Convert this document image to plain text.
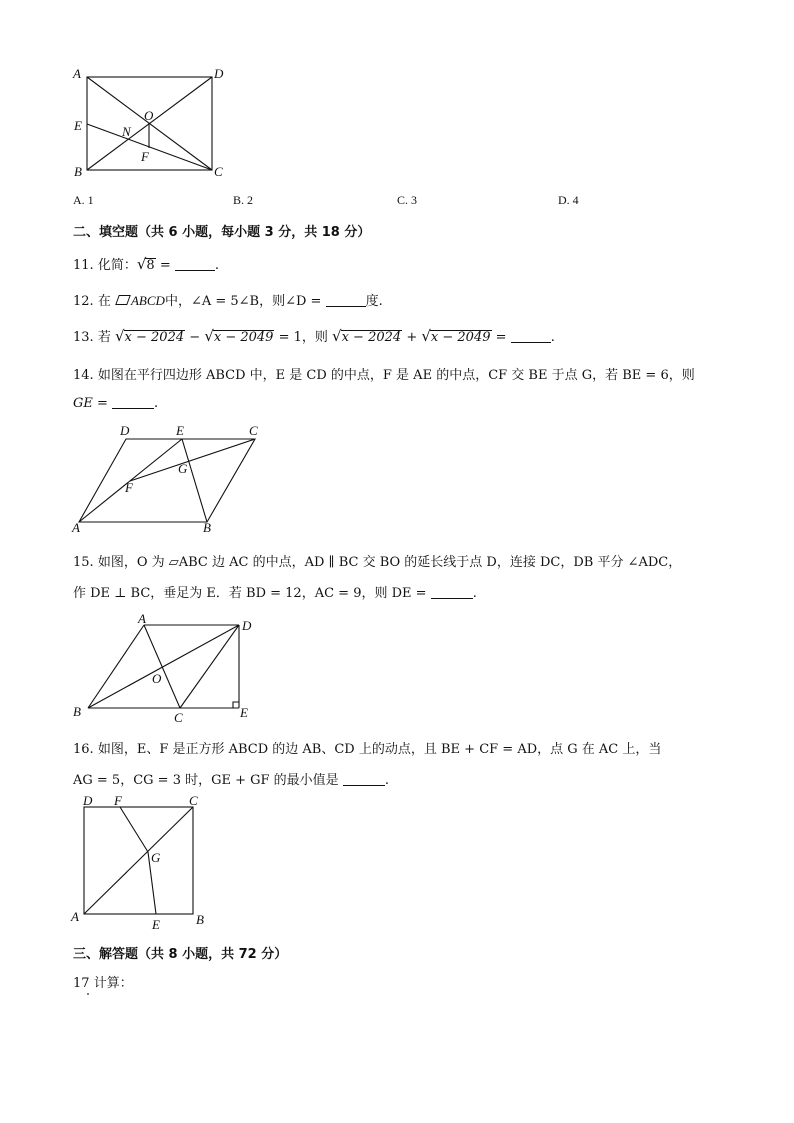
A	D
E
O
N
F
B	C
A. 1	B. 2	C. 3	D. 4
二、填空题（共 6 小题，每小题 3 分，共 18 分）
11. 化简：√8 =	.
12. 在 ABCD中，∠A = 5∠B，则∠D =	度.
13. 若 √x − 2024 − √x − 2049 = 1，则 √x − 2024 + √x − 2049 =	.
14. 如图在平行四边形 ABCD 中，E 是 CD 的中点，F 是 AE 的中点，CF 交 BE 于点 G，若 BE = 6，则
GE =	.
D	E	C
G
F
A	B
15. 如图，O 为 ▱ABC 边 AC 的中点，AD ∥ BC 交 BO 的延长线于点 D，连接 DC，DB 平分 ∠ADC，
作 DE ⊥ BC，垂足为 E．若 BD = 12，AC = 9，则 DE =	.
A	D
O
B	C	E
16. 如图，E、F 是正方形 ABCD 的边 AB、CD 上的动点，且 BE + CF = AD，点 G 在 AC 上，当
AG = 5，CG = 3 时，GE + GF 的最小值是	.
D F	C
G
A
E	B
三、解答题（共 8 小题，共 72 分）
17 计算：
